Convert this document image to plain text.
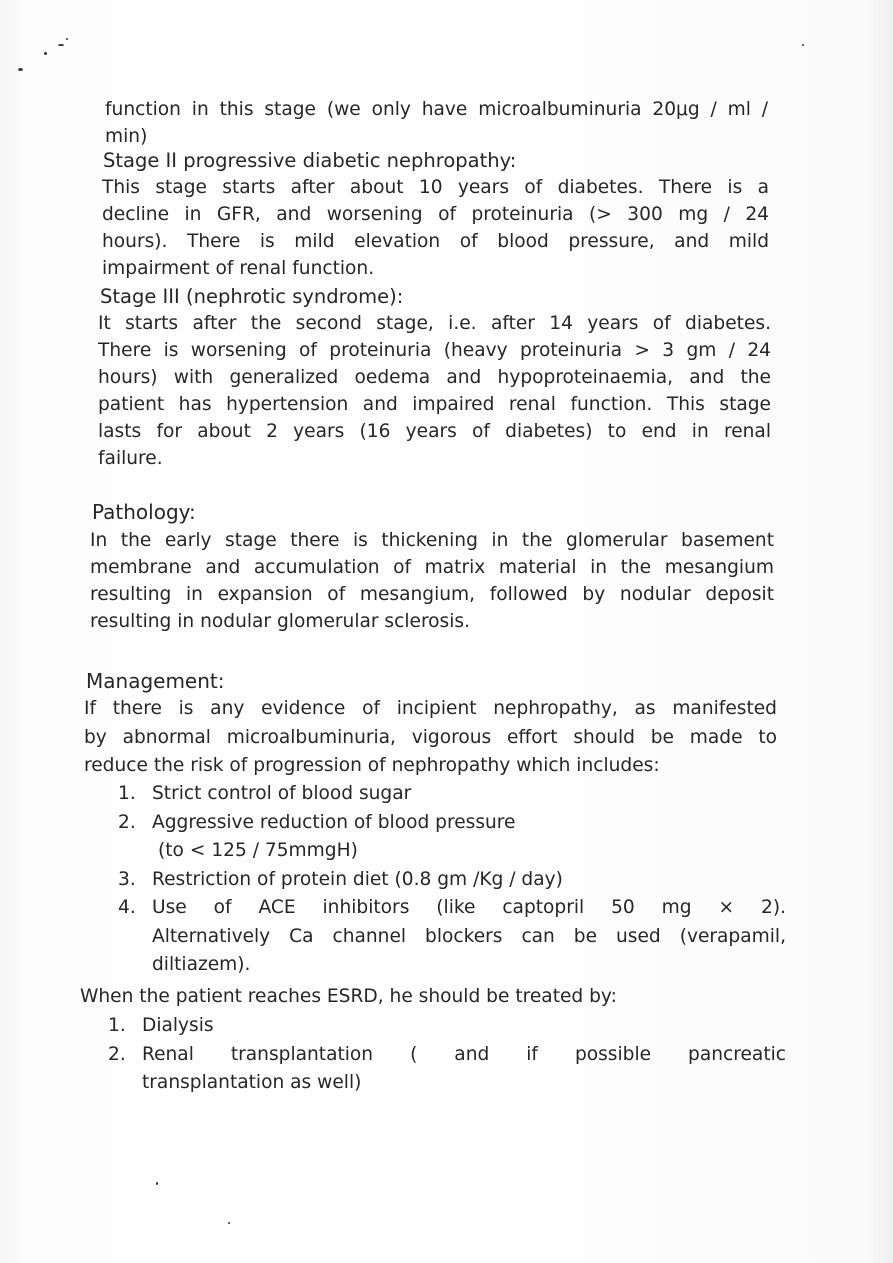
function in this stage (we only have microalbuminuria 20μg / ml /
min)

Stage II progressive diabetic nephropathy:

This stage starts after about 10 years of diabetes. There is a
decline in GFR, and worsening of proteinuria (> 300 mg / 24
hours). There is mild elevation of blood pressure, and mild
impairment of renal function.

Stage III (nephrotic syndrome):

It starts after the second stage, i.e. after 14 years of diabetes.
There is worsening of proteinuria (heavy proteinuria > 3 gm / 24
hours) with generalized oedema and hypoproteinaemia, and the
patient has hypertension and impaired renal function. This stage
lasts for about 2 years (16 years of diabetes) to end in renal
failure.

Pathology:

In the early stage there is thickening in the glomerular basement
membrane and accumulation of matrix material in the mesangium
resulting in expansion of mesangium, followed by nodular deposit
resulting in nodular glomerular sclerosis.

Management:

If there is any evidence of incipient nephropathy, as manifested
by abnormal microalbuminuria, vigorous effort should be made to
reduce the risk of progression of nephropathy which includes:

1. Strict control of blood sugar
2. Aggressive reduction of blood pressure
(to < 125 / 75mmgH)
3. Restriction of protein diet (0.8 gm /Kg / day)
4. Use of ACE inhibitors (like captopril 50 mg × 2).
Alternatively Ca channel blockers can be used (verapamil,
diltiazem).

When the patient reaches ESRD, he should be treated by:

1. Dialysis
2. Renal transplantation ( and if possible pancreatic
transplantation as well)
